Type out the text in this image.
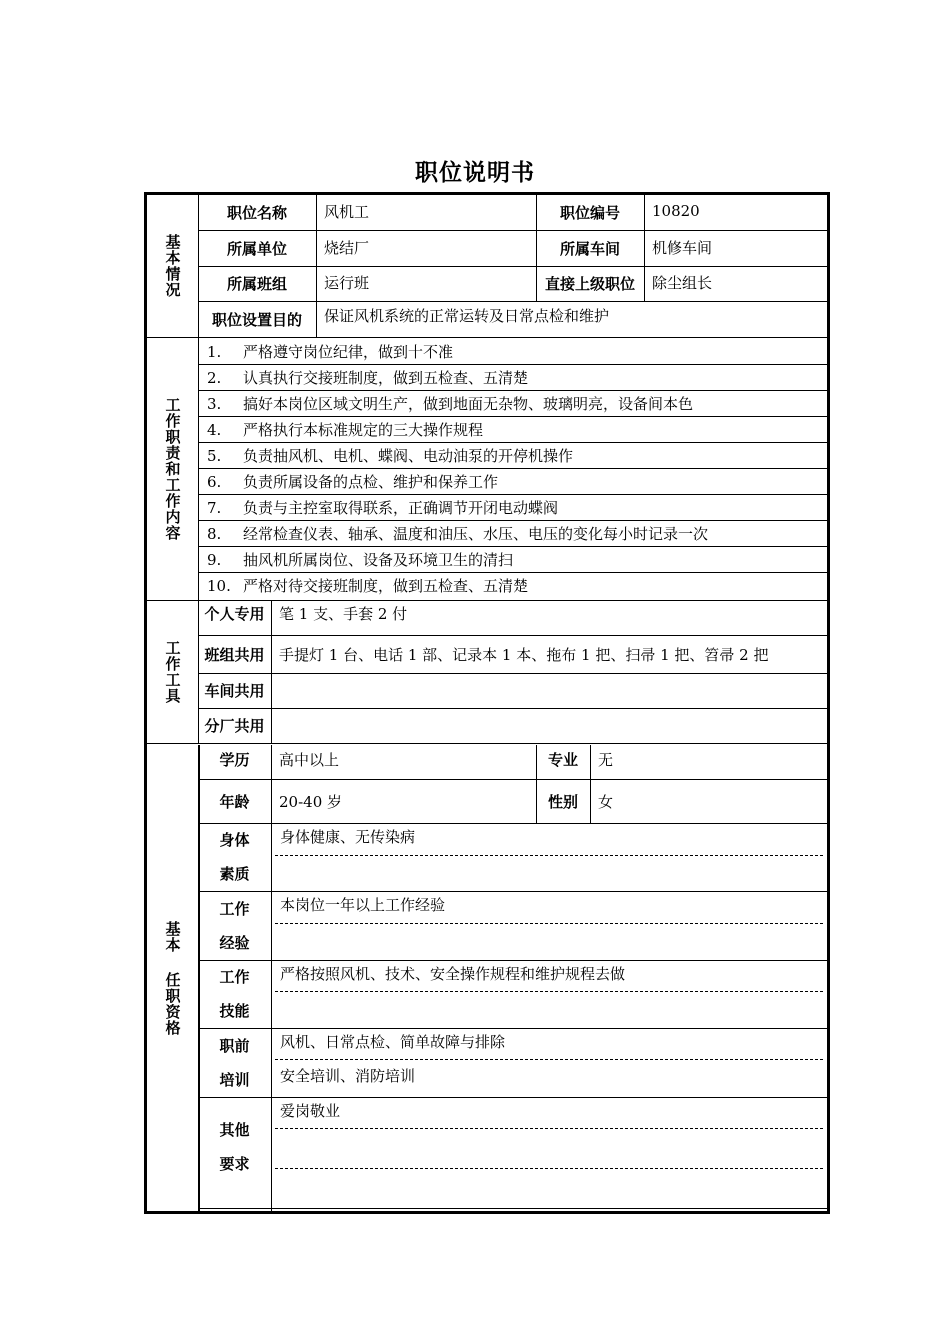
职位说明书
基本情况
职位名称	风机工	职位编号	10820
所属单位	烧结厂	所属车间	机修车间
所属班组	运行班	直接上级职位	除尘组长
职位设置目的	保证风机系统的正常运转及日常点检和维护
工作职责和工作内容
1. 严格遵守岗位纪律，做到十不准
2. 认真执行交接班制度，做到五检查、五清楚
3. 搞好本岗位区域文明生产，做到地面无杂物、玻璃明亮，设备间本色
4. 严格执行本标准规定的三大操作规程
5. 负责抽风机、电机、蝶阀、电动油泵的开停机操作
6. 负责所属设备的点检、维护和保养工作
7. 负责与主控室取得联系，正确调节开闭电动蝶阀
8. 经常检查仪表、轴承、温度和油压、水压、电压的变化每小时记录一次
9. 抽风机所属岗位、设备及环境卫生的清扫
10. 严格对待交接班制度，做到五检查、五清楚
工作工具
个人专用 笔 1 支、手套 2 付
班组共用 手提灯 1 台、电话 1 部、记录本 1 本、拖布 1 把、扫帚 1 把、笤帚 2 把
车间共用
分厂共用
基本 任职资格
学历	高中以上	专业	无
年龄	20-40 岁	性别	女
身体
素质
身体健康、无传染病
工作
经验
本岗位一年以上工作经验
工作
技能
严格按照风机、技术、安全操作规程和维护规程去做
职前
培训
风机、日常点检、简单故障与排除
安全培训、消防培训
其他
要求
爱岗敬业
